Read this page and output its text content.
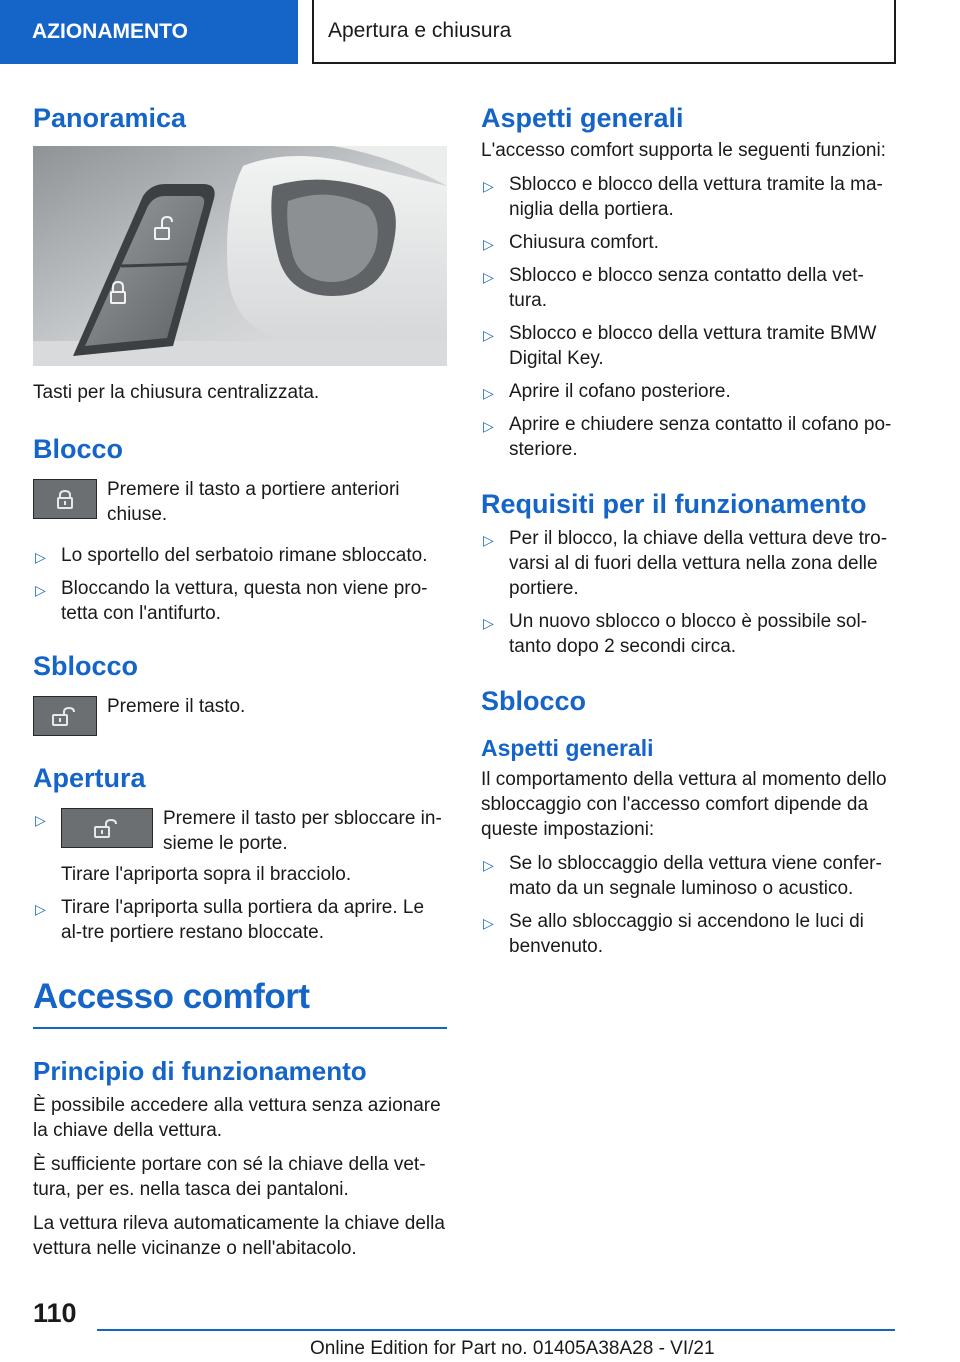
AZIONAMENTO	Apertura e chiusura
Panoramica

Tasti per la chiusura centralizzata.

Blocco
Premere il tasto a portiere anteriori chiuse.
▷ Lo sportello del serbatoio rimane sbloccato.
▷ Bloccando la vettura, questa non viene pro-tetta con l'antifurto.
Sblocco
Premere il tasto.
Apertura
▷	Premere il tasto per sbloccare in-sieme le porte.
Tirare l'apriporta sopra il bracciolo.
▷ Tirare l'apriporta sulla portiera da aprire. Le al-tre portiere restano bloccate.
Accesso comfort
Principio di funzionamento

È possibile accedere alla vettura senza azionare la chiave della vettura.

È sufficiente portare con sé la chiave della vet-tura, per es. nella tasca dei pantaloni.

La vettura rileva automaticamente la chiave della vettura nelle vicinanze o nell'abitacolo.

Aspetti generali

L'accesso comfort supporta le seguenti funzioni:

▷ Sblocco e blocco della vettura tramite la ma-niglia della portiera.
▷ Chiusura comfort.
▷ Sblocco e blocco senza contatto della vet-tura.
▷ Sblocco e blocco della vettura tramite BMW Digital Key.
▷ Aprire il cofano posteriore.
▷ Aprire e chiudere senza contatto il cofano po-steriore.
Requisiti per il funzionamento
▷ Per il blocco, la chiave della vettura deve tro-varsi al di fuori della vettura nella zona delle portiere.
▷ Un nuovo sblocco o blocco è possibile sol-tanto dopo 2 secondi circa.
Sblocco
Aspetti generali

Il comportamento della vettura al momento dello sbloccaggio con l'accesso comfort dipende da queste impostazioni:

▷ Se lo sbloccaggio della vettura viene confer-mato da un segnale luminoso o acustico.
▷ Se allo sbloccaggio si accendono le luci di benvenuto.
110
Online Edition for Part no. 01405A38A28 - VI/21
